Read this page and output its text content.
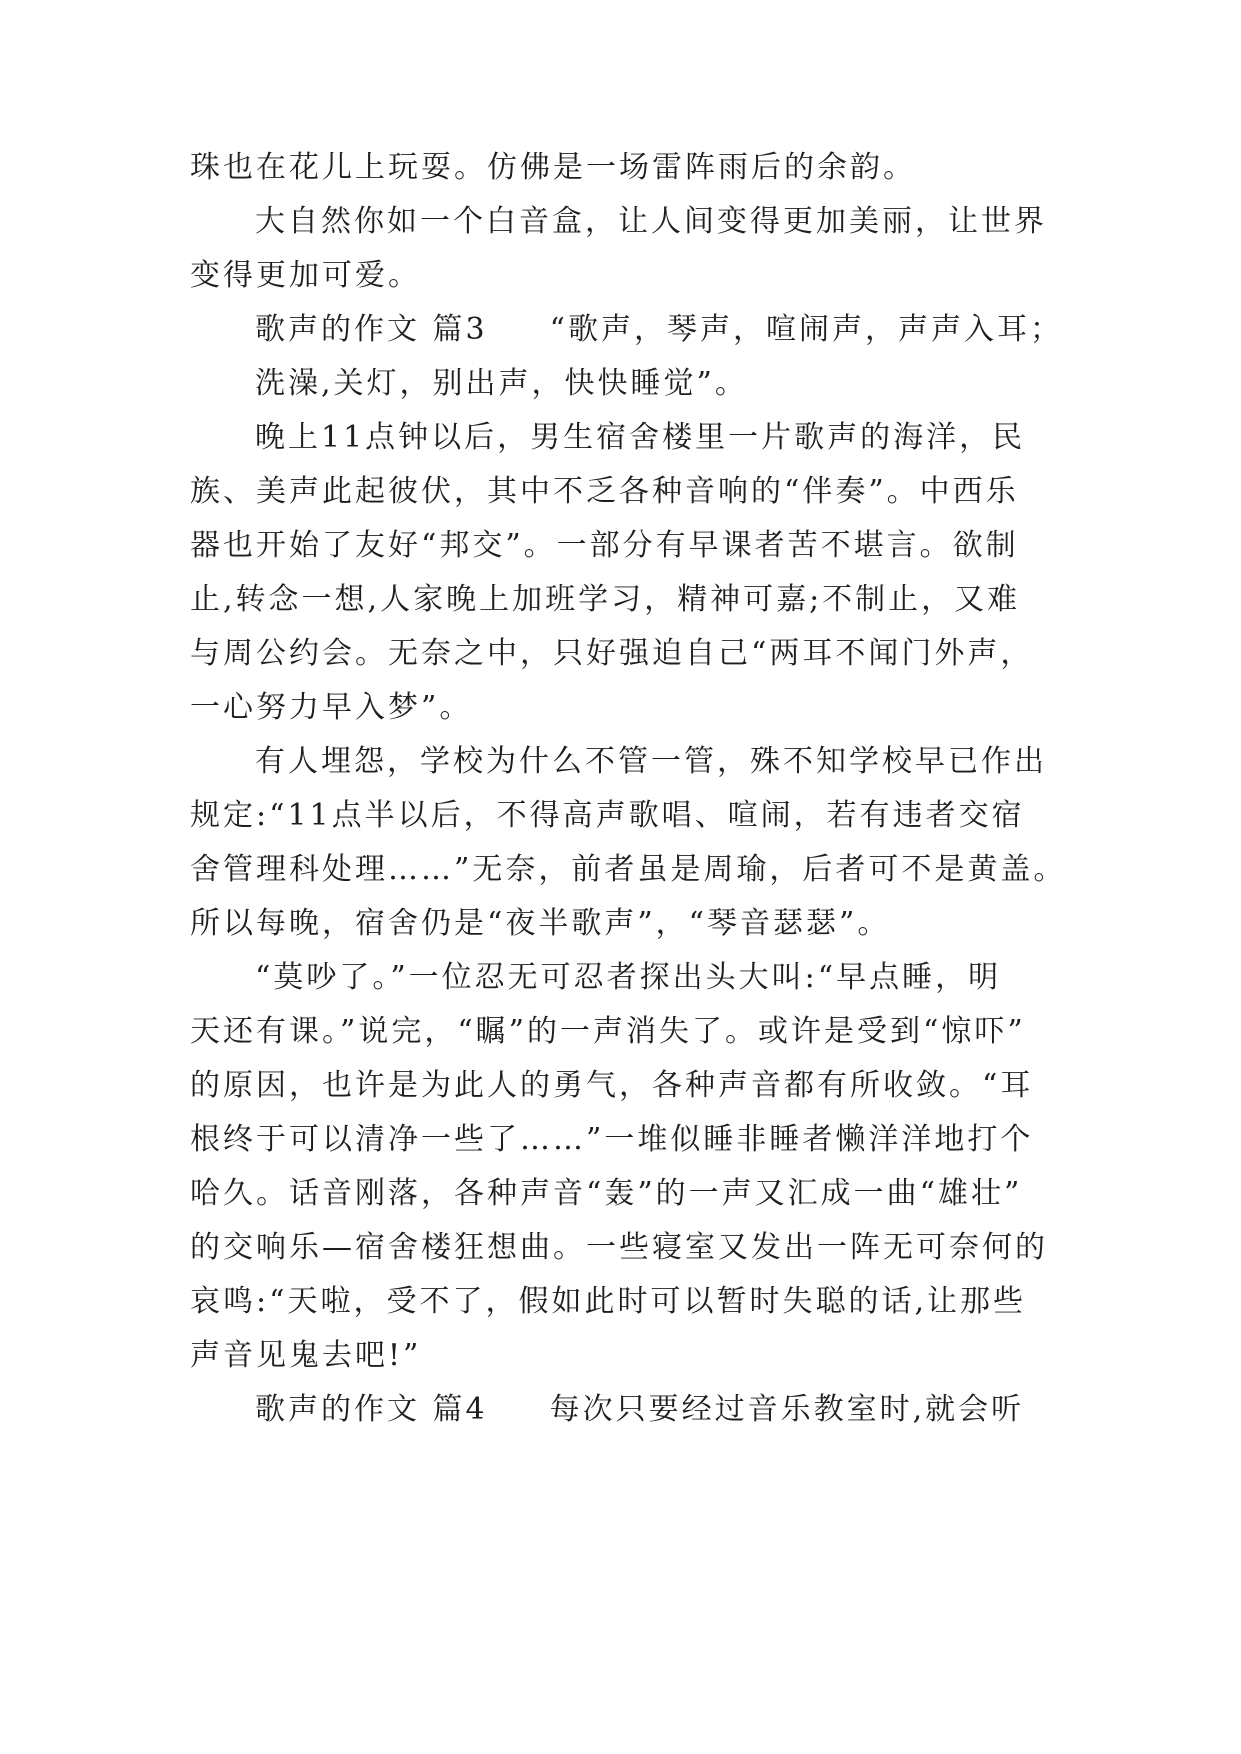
珠也在花儿上玩耍。仿佛是一场雷阵雨后的余韵。
大自然你如一个白音盒，让人间变得更加美丽，让世界
变得更加可爱。
歌声的作文 篇3 “歌声，琴声，喧闹声，声声入耳；
洗澡,关灯，别出声，快快睡觉”。
晚上11点钟以后，男生宿舍楼里一片歌声的海洋，民
族、美声此起彼伏，其中不乏各种音响的“伴奏”。中西乐
器也开始了友好“邦交”。一部分有早课者苦不堪言。欲制
止,转念一想,人家晚上加班学习，精神可嘉;不制止，又难
与周公约会。无奈之中，只好强迫自己“两耳不闻门外声，
一心努力早入梦”。
有人埋怨，学校为什么不管一管，殊不知学校早已作出
规定:“11点半以后，不得高声歌唱、喧闹，若有违者交宿
舍管理科处理……”无奈，前者虽是周瑜，后者可不是黄盖。
所以每晚，宿舍仍是“夜半歌声”，“琴音瑟瑟”。
“莫吵了。”一位忍无可忍者探出头大叫:“早点睡，明
天还有课。”说完，“瞩”的一声消失了。或许是受到“惊吓”
的原因，也许是为此人的勇气，各种声音都有所收敛。“耳
根终于可以清净一些了……”一堆似睡非睡者懒洋洋地打个
哈久。话音刚落，各种声音“轰”的一声又汇成一曲“雄壮”
的交响乐—宿舍楼狂想曲。一些寝室又发出一阵无可奈何的
哀鸣:“天啦，受不了，假如此时可以暂时失聪的话,让那些
声音见鬼去吧!”
歌声的作文 篇4 每次只要经过音乐教室时,就会听
